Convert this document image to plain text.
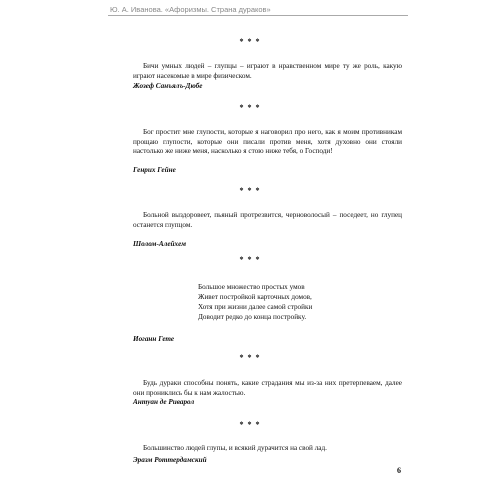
Ю. А. Иванова. «Афоризмы. Страна дураков»
* * *
Бичи умных людей – глупцы – играют в нравственном мире ту же роль, какую играют насекомые в мире физическом.
Жозеф Санъялъ-Дюбе
* * *
Бог простит мне глупости, которые я наговорил про него, как я моим противникам прощаю глупости, которые они писали против меня, хотя духовно они стояли настолько же ниже меня, насколько я стою ниже тебя, о Господи!
Генрих Гейне
* * *
Больной выздоровеет, пьяный протрезвится, черноволосый – поседеет, но глупец останется глупцом.
Шолом-Алейхем
* * *
Большое множество простых умов
Живет постройкой карточных домов,
Хотя при жизни далее самой стройки
Доводит редко до конца постройку.
Иоганн Гете
* * *
Будь дураки способны понять, какие страдания мы из-за них претерпеваем, далее они прониклись бы к нам жалостью.
Антуан де Риварол
* * *
Большинство людей глупы, и всякий дурачится на свой лад.
Эразм Роттердамский
6
